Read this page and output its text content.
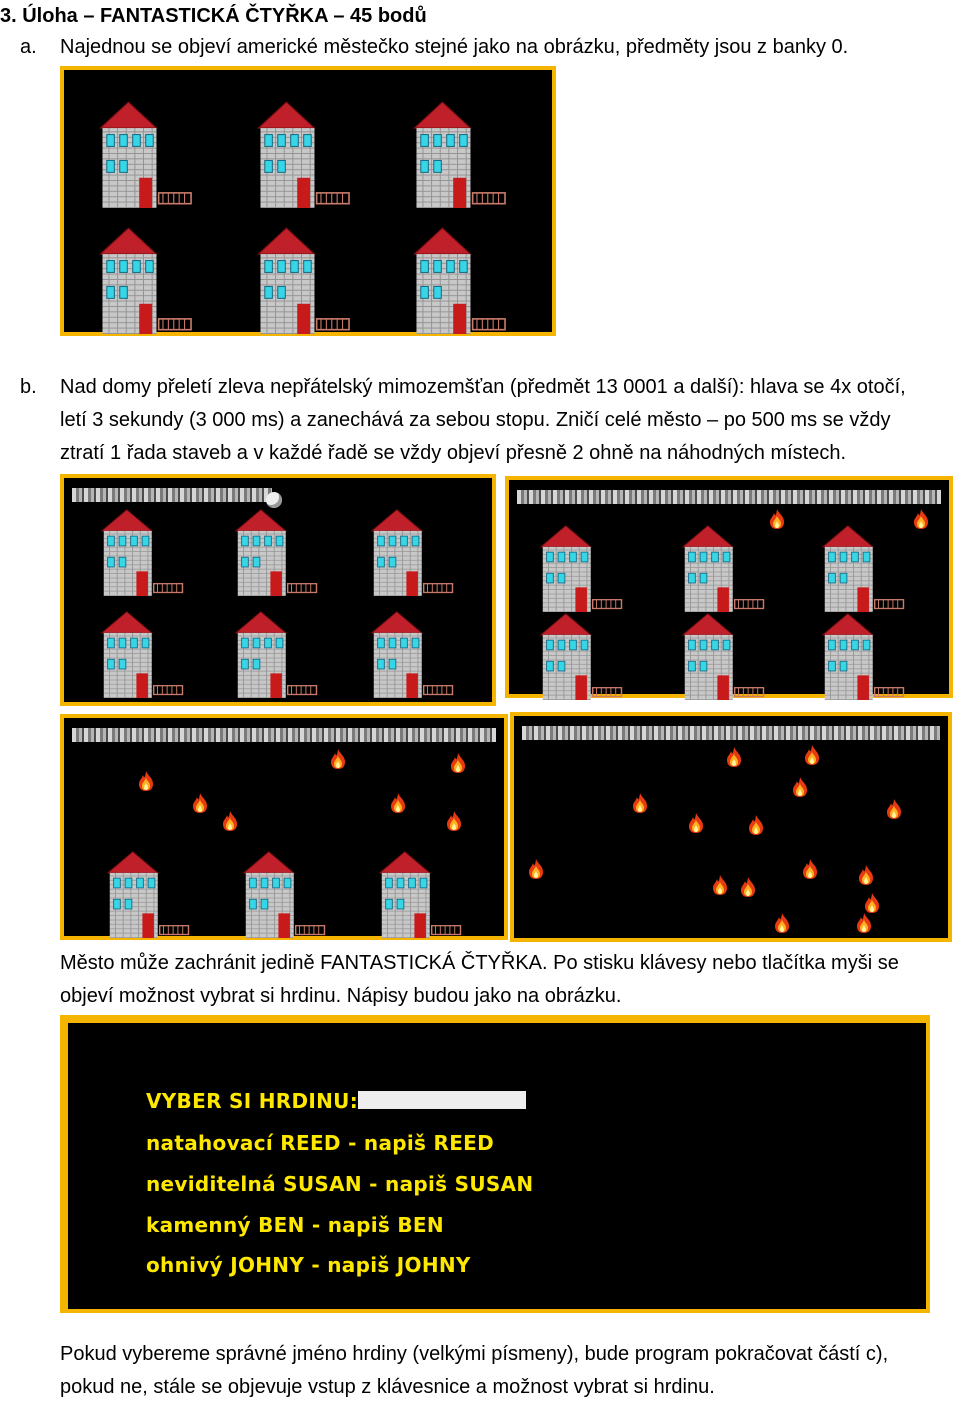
3. Úloha – FANTASTICKÁ ČTYŘKA – 45 bodů
a. Najednou se objeví americké městečko stejné jako na obrázku, předměty jsou z banky 0.
b. Nad domy přeletí zleva nepřátelský mimozemšťan (předmět 13 0001 a další): hlava se 4x otočí,
letí 3 sekundy (3 000 ms) a zanechává za sebou stopu. Zničí celé město – po 500 ms se vždy
ztratí 1 řada staveb a v každé řadě se vždy objeví přesně 2 ohně na náhodných místech.
Město může zachránit jedině FANTASTICKÁ ČTYŘKA. Po stisku klávesy nebo tlačítka myši se
objeví možnost vybrat si hrdinu. Nápisy budou jako na obrázku.
VYBER SI HRDINU:
natahovací REED - napiš REED
neviditelná SUSAN - napiš SUSAN
kamenný BEN - napiš BEN
ohnivý JOHNY - napiš JOHNY
Pokud vybereme správné jméno hrdiny (velkými písmeny), bude program pokračovat částí c),
pokud ne, stále se objevuje vstup z klávesnice a možnost vybrat si hrdinu.
